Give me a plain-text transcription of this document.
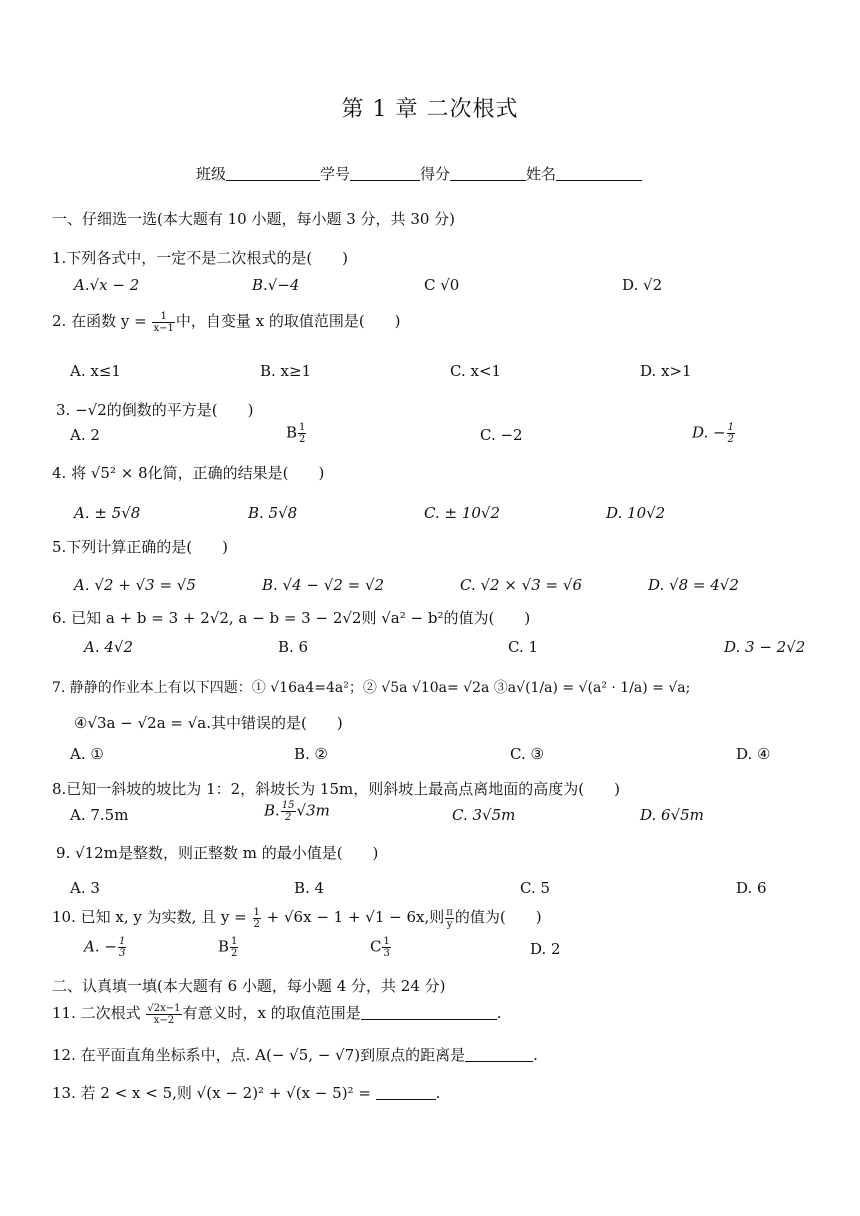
第 1 章 二次根式
班级	学号	得分	姓名
一、仔细选一选(本大题有 10 小题，每小题 3 分，共 30 分)
1.下列各式中，一定不是二次根式的是(　　)
A.√x − 2	B.√−4	C √0	D. √2
2. 在函数 $y = \frac{1}{x-1}$ 中，自变量 x 的取值范围是(　　)
A. x≤1	B. x≥1	C. x<1	D. x>1
3. −√2的倒数的平方是(　　)
A. 2	B $\frac{1}{2}$	C. −2	D. − $\frac{1}{2}$
4. 将 √5² × 8化简，正确的结果是(　　)
A. ± 5√8	B. 5√8	C. ± 10√2	D. 10√2
5.下列计算正确的是(　　)
A. √2 + √3 = √5	B. √4 − √2 = √2	C. √2 × √3 = √6	D. √8 = 4√2
6. 已知 a + b = 3 + 2√2, a − b = 3 − 2√2则 √a² − b²的值为(　　)
A. 4√2	B. 6	C. 1	D. 3 − 2√2
7. 静静的作业本上有以下四题：① √16a4=4a²；② √5a √10a= √2a ③a√(1/a) = √(a² · 1/a) = √a;
④√3a − √2a = √a.其中错误的是(　　)
A. ①	B. ②	C. ③	D. ④
8.已知一斜坡的坡比为 1：2，斜坡长为 15m，则斜坡上最高点离地面的高度为(　　)
A. 7.5m	B. $\frac{15}{2} √3m$	C. 3√5m	D. 6√5m
9. √12m是整数，则正整数 m 的最小值是(　　)
A. 3	B. 4	C. 5	D. 6
10. 已知 x, y 为实数, 且 $y = \frac{1}{2} + √6x - 1 + √1 - 6x$,则 $\frac{\pi}{y}$ 的值为(　　)
A. − $\frac{1}{3}$	B $\frac{1}{2}$	C $\frac{1}{3}$	D. 2
二、认真填一填(本大题有 6 小题，每小题 4 分，共 24 分)
11. 二次根式 $\frac{√2x-1}{x-2}$ 有意义时，x 的取值范围是	.
12. 在平面直角坐标系中，点. A(− √5, − √7)到原点的距离是	.
13. 若 2 < x < 5,则 √(x − 2)² + √(x − 5)² =	.
